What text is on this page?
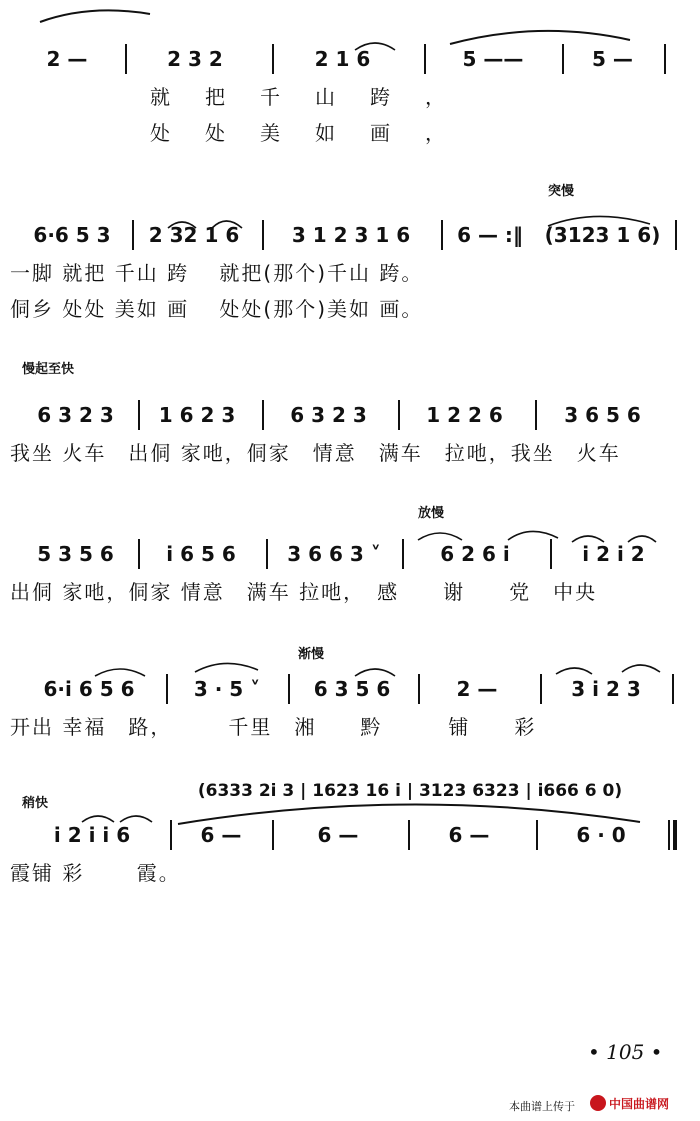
2 —	2 3 2	2 1 6	5 ——	5 —
就把千山跨，
处处美如画，
突慢
6·6 5 3	2 32 1 6	3 1 2 3 1 6	6 — :‖	(3123 1 6)
一脚 就把 千山 跨　 就把(那个)千山 跨。
侗乡 处处 美如 画　 处处(那个)美如 画。
慢起至快
6 3 2 3	1 6 2 3	6 3 2 3	1 2 2 6	3 6 5 6
我坐 火车　出侗 家吔，侗家　情意　满车　拉吔，我坐　火车
放慢
5 3 5 6	i 6 5 6	3 6 6 3 ˅	6 2 6 i	i 2 i 2
出侗 家吔，侗家 情意　满车 拉吔，　感　　谢　　党　中央
渐慢
6·i 6 5 6	3 · 5 ˅	6 3 5 6	2 —	3 i 2 3
开出 幸福　路，　　　千里　湘　　黔　　　铺　　彩
稍快
(6333 2i 3 | 1623 16 i | 3123 6323 | i666 6 0)
i 2 i i 6	6 —	6 —	6 —	6 · 0
霞铺 彩　　 霞。
• 105 •
本曲谱上传于	中国曲谱网
